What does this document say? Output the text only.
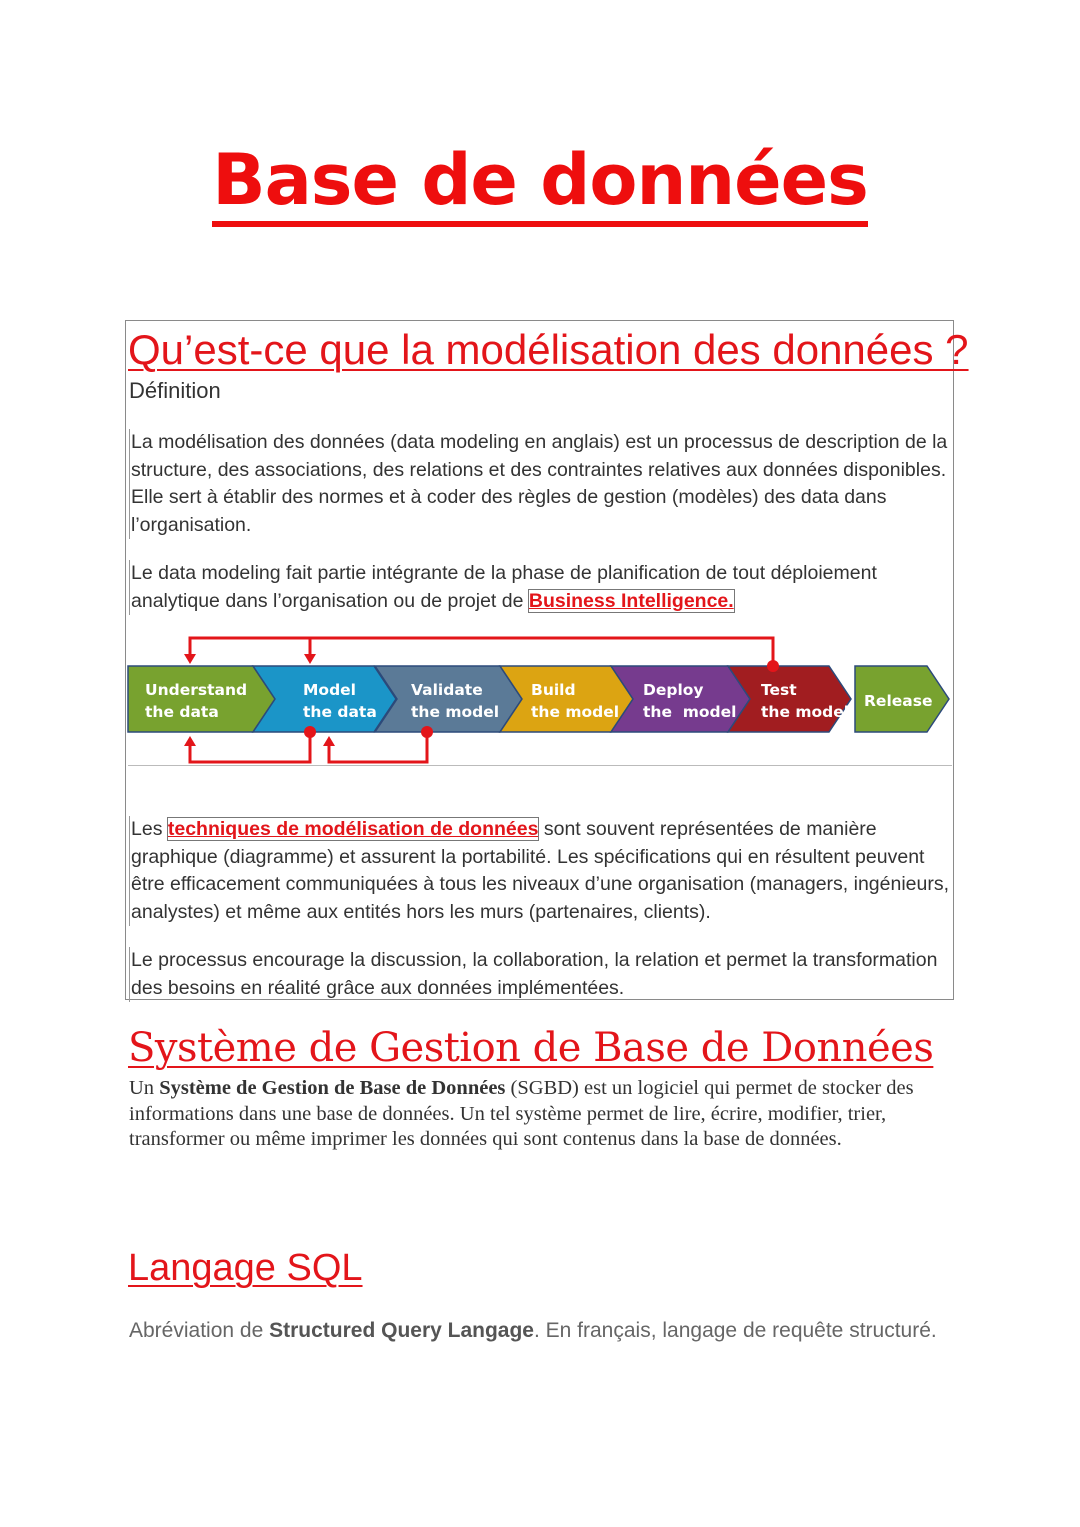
Base de données
Qu’est-ce que la modélisation des données ?

Définition

La modélisation des données (data modeling en anglais) est un processus de description de la structure, des associations, des relations et des contraintes relatives aux données disponibles. Elle sert à établir des normes et à coder des règles de gestion (modèles) des data dans l’organisation.

Le data modeling fait partie intégrante de la phase de planification de tout déploiement analytique dans l’organisation ou de projet de Business Intelligence.

Understand
the data
Model
the data
Validate
the model
Build
the model
Deploy
the  model
Test
the model
Release

Les techniques de modélisation de données sont souvent représentées de manière graphique (diagramme) et assurent la portabilité. Les spécifications qui en résultent peuvent être efficacement communiquées à tous les niveaux d’une organisation (managers, ingénieurs, analystes) et même aux entités hors les murs (partenaires, clients).

Le processus encourage la discussion, la collaboration, la relation et permet la transformation des besoins en réalité grâce aux données implémentées.

Système de Gestion de Base de Données

Un Système de Gestion de Base de Données (SGBD) est un logiciel qui permet de stocker des informations dans une base de données. Un tel système permet de lire, écrire, modifier, trier, transformer ou même imprimer les données qui sont contenus dans la base de données.

Langage SQL

Abréviation de Structured Query Langage. En français, langage de requête structuré.
